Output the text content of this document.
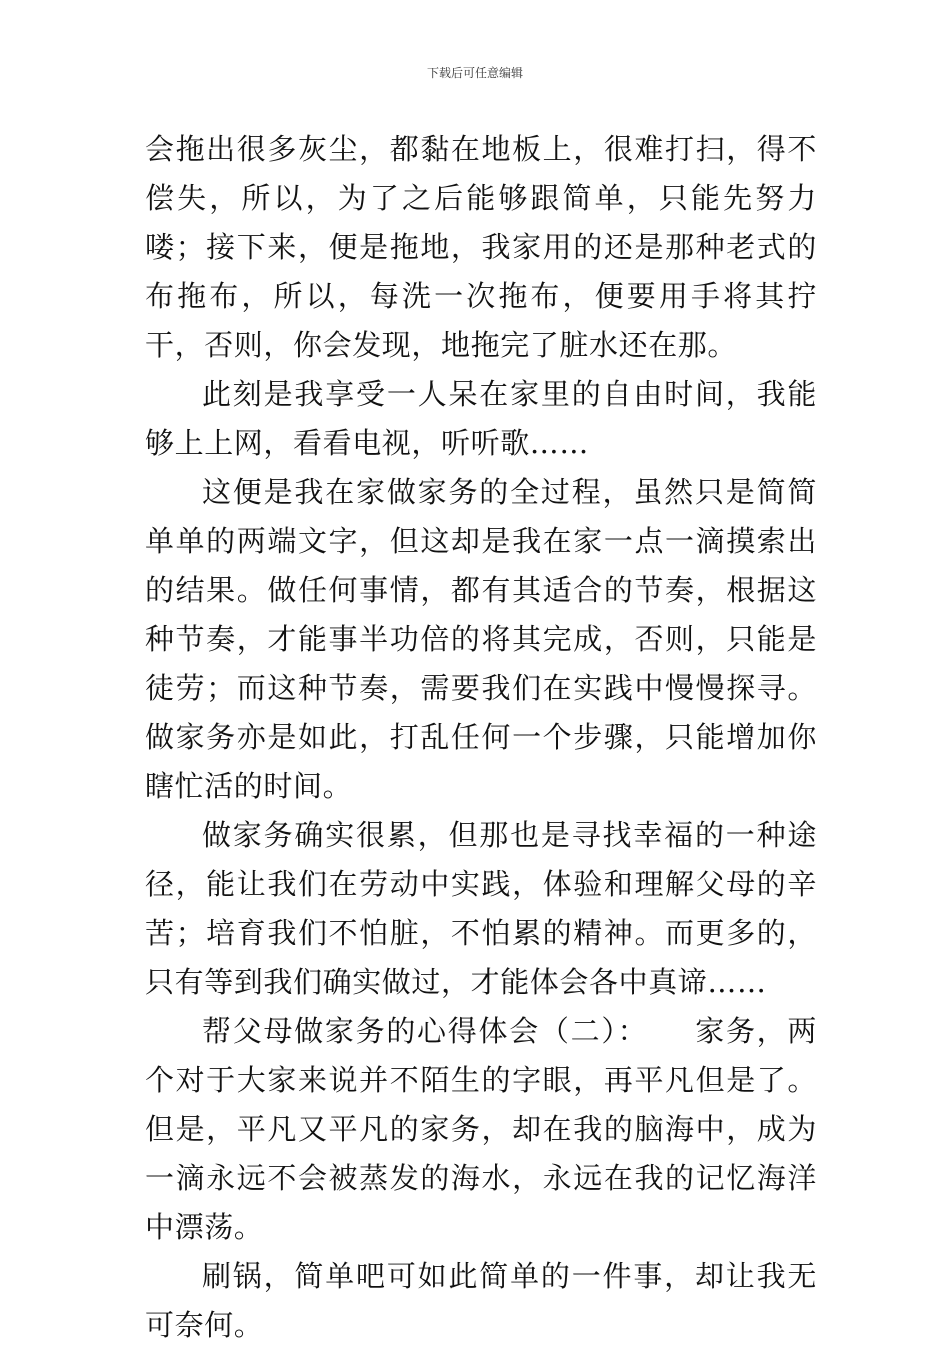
下载后可任意编辑

会拖出很多灰尘，都黏在地板上，很难打扫，得不偿失，所以，为了之后能够跟简单，只能先努力喽；接下来，便是拖地，我家用的还是那种老式的布拖布，所以，每洗一次拖布，便要用手将其拧干，否则，你会发现，地拖完了脏水还在那。

此刻是我享受一人呆在家里的自由时间，我能够上上网，看看电视，听听歌……

这便是我在家做家务的全过程，虽然只是简简单单的两端文字，但这却是我在家一点一滴摸索出的结果。做任何事情，都有其适合的节奏，根据这种节奏，才能事半功倍的将其完成，否则，只能是徒劳；而这种节奏，需要我们在实践中慢慢探寻。做家务亦是如此，打乱任何一个步骤，只能增加你瞎忙活的时间。

做家务确实很累，但那也是寻找幸福的一种途径，能让我们在劳动中实践，体验和理解父母的辛苦；培育我们不怕脏，不怕累的精神。而更多的，只有等到我们确实做过，才能体会各中真谛……

帮父母做家务的心得体会（二）：　　家务，两个对于大家来说并不陌生的字眼，再平凡但是了。但是，平凡又平凡的家务，却在我的脑海中，成为一滴永远不会被蒸发的海水，永远在我的记忆海洋中漂荡。

刷锅，简单吧可如此简单的一件事，却让我无可奈何。
